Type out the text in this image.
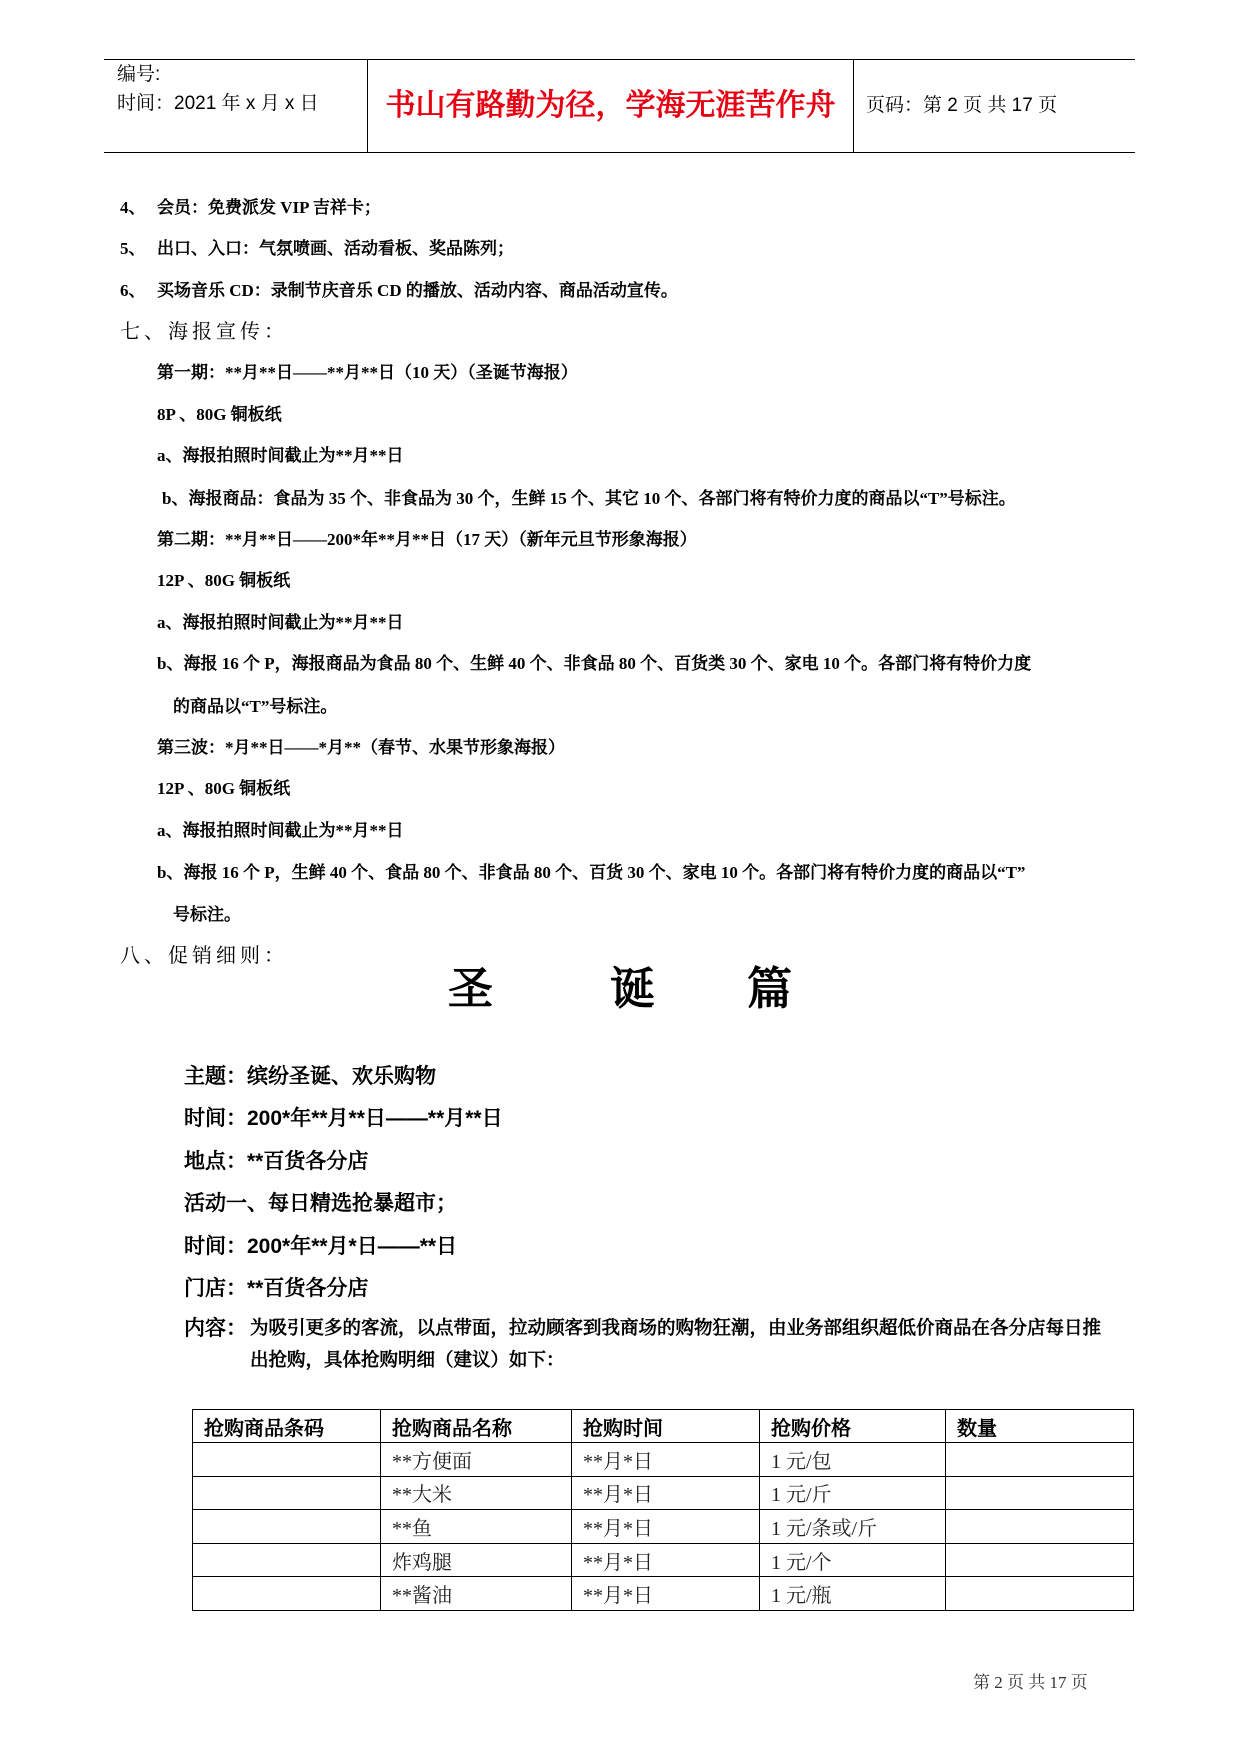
编号:
时间：2021 年 x 月 x 日	书山有路勤为径，学海无涯苦作舟	页码：第 2 页 共 17 页
4、 会员：免费派发 VIP 吉祥卡；
5、 出口、入口：气氛喷画、活动看板、奖品陈列；
6、 买场音乐 CD：录制节庆音乐 CD 的播放、活动内容、商品活动宣传。
七、海报宣传：
第一期：**月**日——**月**日（10 天）（圣诞节海报）
8P 、80G 铜板纸
a、海报拍照时间截止为**月**日
b、海报商品：食品为 35 个、非食品为 30 个，生鲜 15 个、其它 10 个、各部门将有特价力度的商品以“T”号标注。
第二期：**月**日——200*年**月**日（17 天）（新年元旦节形象海报）
12P 、80G 铜板纸
a、海报拍照时间截止为**月**日
b、海报 16 个 P，海报商品为食品 80 个、生鲜 40 个、非食品 80 个、百货类 30 个、家电 10 个。各部门将有特价力度
的商品以“T”号标注。
第三波：*月**日——*月**（春节、水果节形象海报）
12P 、80G 铜板纸
a、海报拍照时间截止为**月**日
b、海报 16 个 P，生鲜 40 个、食品 80 个、非食品 80 个、百货 30 个、家电 10 个。各部门将有特价力度的商品以“T”
号标注。
八、促销细则：
圣	诞 篇
主题：缤纷圣诞、欢乐购物
时间：200*年**月**日——**月**日
地点：**百货各分店
活动一、每日精选抢暴超市；
时间：200*年**月*日——**日
门店：**百货各分店
内容： 为吸引更多的客流，以点带面，拉动顾客到我商场的购物狂潮，由业务部组织超低价商品在各分店每日推
出抢购，具体抢购明细（建议）如下：
抢购商品条码	抢购商品名称	抢购时间	抢购价格	数量
	**方便面	**月*日	1 元/包	
	**大米	**月*日	1 元/斤	
	**鱼	**月*日	1 元/条或/斤	
	炸鸡腿	**月*日	1 元/个	
	**酱油	**月*日	1 元/瓶	
第 2 页 共 17 页
